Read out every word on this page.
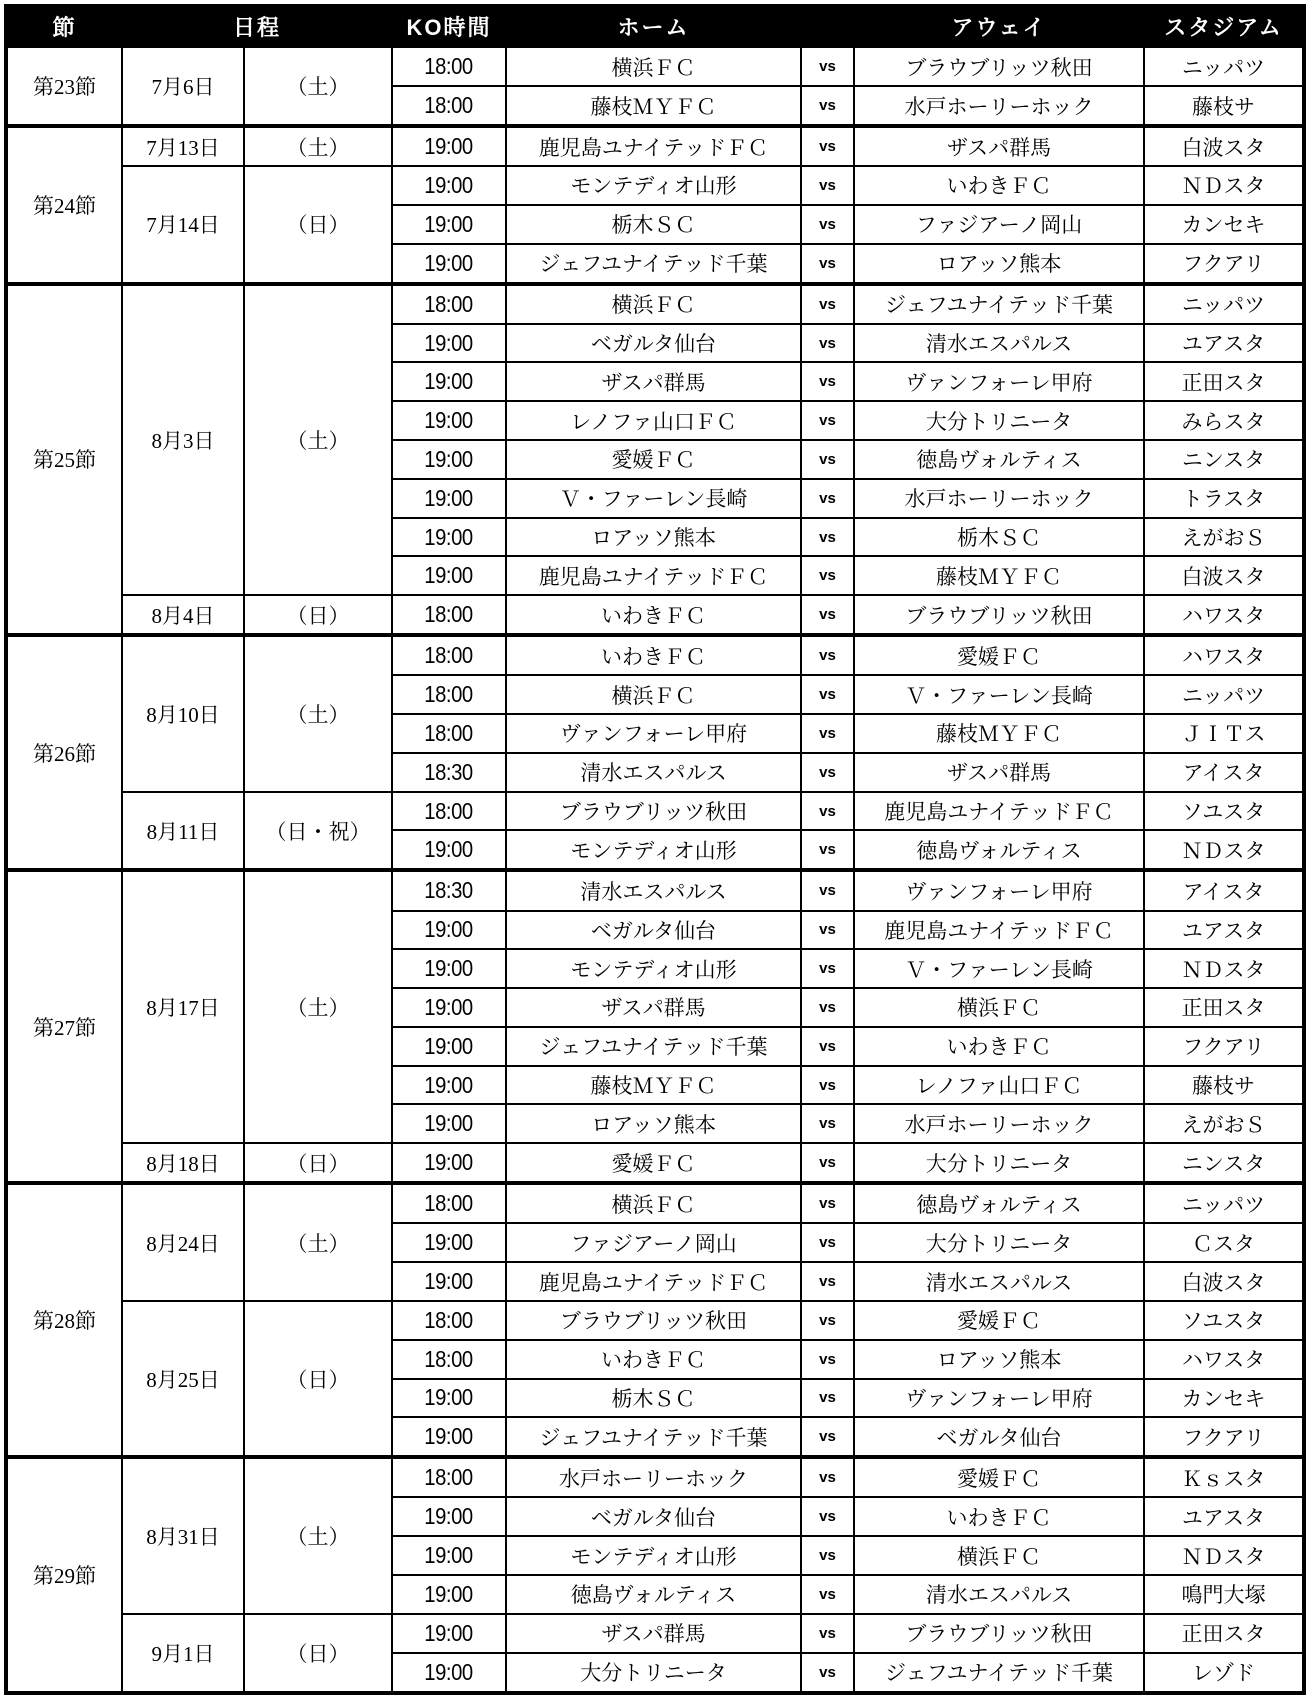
節	日程		KO時間	ホーム		アウェイ	スタジアム
第23節	7月6日	（土）	18:00	横浜ＦＣ	vs	ブラウブリッツ秋田	ニッパツ
			18:00	藤枝ＭＹＦＣ	vs	水戸ホーリーホック	藤枝サ
第24節	7月13日	（土）	19:00	鹿児島ユナイテッドＦＣ	vs	ザスパ群馬	白波スタ
	7月14日	（日）	19:00	モンテディオ山形	vs	いわきＦＣ	ＮＤスタ
			19:00	栃木ＳＣ	vs	ファジアーノ岡山	カンセキ
			19:00	ジェフユナイテッド千葉	vs	ロアッソ熊本	フクアリ
第25節	8月3日	（土）	18:00	横浜ＦＣ	vs	ジェフユナイテッド千葉	ニッパツ
			19:00	ベガルタ仙台	vs	清水エスパルス	ユアスタ
			19:00	ザスパ群馬	vs	ヴァンフォーレ甲府	正田スタ
			19:00	レノファ山口ＦＣ	vs	大分トリニータ	みらスタ
			19:00	愛媛ＦＣ	vs	徳島ヴォルティス	ニンスタ
			19:00	Ｖ・ファーレン長崎	vs	水戸ホーリーホック	トラスタ
			19:00	ロアッソ熊本	vs	栃木ＳＣ	えがおＳ
			19:00	鹿児島ユナイテッドＦＣ	vs	藤枝ＭＹＦＣ	白波スタ
	8月4日	（日）	18:00	いわきＦＣ	vs	ブラウブリッツ秋田	ハワスタ
第26節	8月10日	（土）	18:00	いわきＦＣ	vs	愛媛ＦＣ	ハワスタ
			18:00	横浜ＦＣ	vs	Ｖ・ファーレン長崎	ニッパツ
			18:00	ヴァンフォーレ甲府	vs	藤枝ＭＹＦＣ	ＪＩＴス
			18:30	清水エスパルス	vs	ザスパ群馬	アイスタ
	8月11日	（日・祝）	18:00	ブラウブリッツ秋田	vs	鹿児島ユナイテッドＦＣ	ソユスタ
			19:00	モンテディオ山形	vs	徳島ヴォルティス	ＮＤスタ
第27節	8月17日	（土）	18:30	清水エスパルス	vs	ヴァンフォーレ甲府	アイスタ
			19:00	ベガルタ仙台	vs	鹿児島ユナイテッドＦＣ	ユアスタ
			19:00	モンテディオ山形	vs	Ｖ・ファーレン長崎	ＮＤスタ
			19:00	ザスパ群馬	vs	横浜ＦＣ	正田スタ
			19:00	ジェフユナイテッド千葉	vs	いわきＦＣ	フクアリ
			19:00	藤枝ＭＹＦＣ	vs	レノファ山口ＦＣ	藤枝サ
			19:00	ロアッソ熊本	vs	水戸ホーリーホック	えがおＳ
	8月18日	（日）	19:00	愛媛ＦＣ	vs	大分トリニータ	ニンスタ
第28節	8月24日	（土）	18:00	横浜ＦＣ	vs	徳島ヴォルティス	ニッパツ
			19:00	ファジアーノ岡山	vs	大分トリニータ	Ｃスタ
			19:00	鹿児島ユナイテッドＦＣ	vs	清水エスパルス	白波スタ
	8月25日	（日）	18:00	ブラウブリッツ秋田	vs	愛媛ＦＣ	ソユスタ
			18:00	いわきＦＣ	vs	ロアッソ熊本	ハワスタ
			19:00	栃木ＳＣ	vs	ヴァンフォーレ甲府	カンセキ
			19:00	ジェフユナイテッド千葉	vs	ベガルタ仙台	フクアリ
第29節	8月31日	（土）	18:00	水戸ホーリーホック	vs	愛媛ＦＣ	Ｋｓスタ
			19:00	ベガルタ仙台	vs	いわきＦＣ	ユアスタ
			19:00	モンテディオ山形	vs	横浜ＦＣ	ＮＤスタ
			19:00	徳島ヴォルティス	vs	清水エスパルス	鳴門大塚
	9月1日	（日）	19:00	ザスパ群馬	vs	ブラウブリッツ秋田	正田スタ
			19:00	大分トリニータ	vs	ジェフユナイテッド千葉	レゾド
